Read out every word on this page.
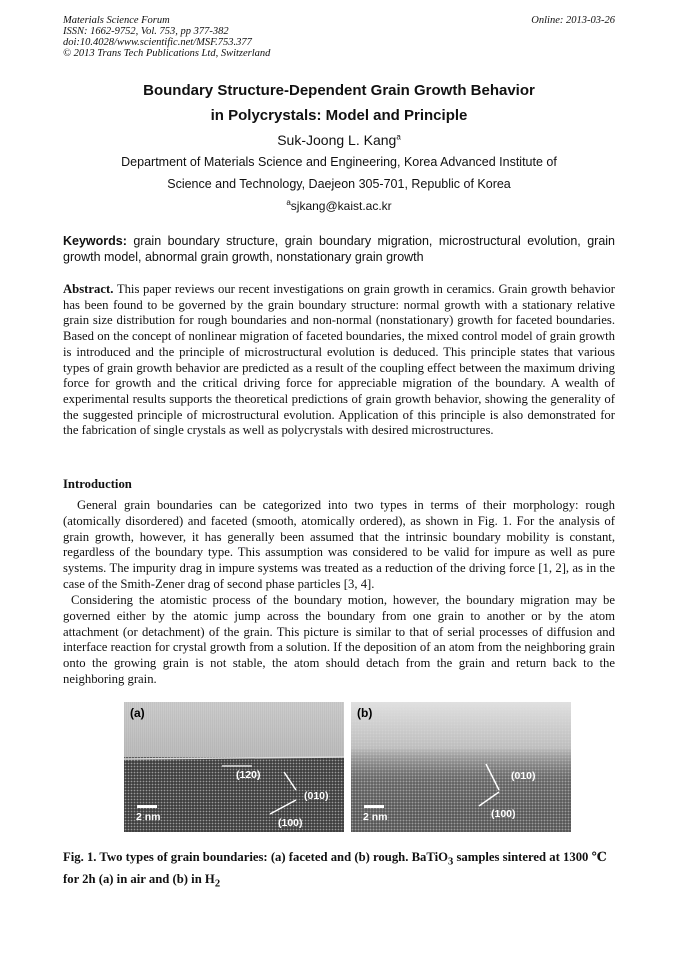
Materials Science Forum
ISSN: 1662-9752, Vol. 753, pp 377-382
doi:10.4028/www.scientific.net/MSF.753.377
© 2013 Trans Tech Publications Ltd, Switzerland
Online: 2013-03-26
Boundary Structure-Dependent Grain Growth Behavior
in Polycrystals: Model and Principle
Suk-Joong L. Kang$^a$
Department of Materials Science and Engineering, Korea Advanced Institute of
Science and Technology, Daejeon 305-701, Republic of Korea
$^a$sjkang@kaist.ac.kr
Keywords: grain boundary structure, grain boundary migration, microstructural evolution, grain growth model, abnormal grain growth, nonstationary grain growth
Abstract. This paper reviews our recent investigations on grain growth in ceramics. Grain growth behavior has been found to be governed by the grain boundary structure: normal growth with a stationary relative grain size distribution for rough boundaries and non-normal (nonstationary) growth for faceted boundaries. Based on the concept of nonlinear migration of faceted boundaries, the mixed control model of grain growth is introduced and the principle of microstructural evolution is deduced. This principle states that various types of grain growth behavior are predicted as a result of the coupling effect between the maximum driving force for growth and the critical driving force for appreciable migration of the boundary. A wealth of experimental results supports the theoretical predictions of grain growth behavior, showing the generality of the suggested principle of microstructural evolution. Application of this principle is also demonstrated for the fabrication of single crystals as well as polycrystals with desired microstructures.
Introduction
General grain boundaries can be categorized into two types in terms of their morphology: rough (atomically disordered) and faceted (smooth, atomically ordered), as shown in Fig. 1. For the analysis of grain growth, however, it has generally been assumed that the intrinsic boundary mobility is constant, regardless of the boundary type. This assumption was considered to be valid for impure as well as pure systems. The impurity drag in impure systems was treated as a reduction of the driving force [1, 2], as in the case of the Smith-Zener drag of second phase particles [3, 4].
Considering the atomistic process of the boundary motion, however, the boundary migration may be governed either by the atomic jump across the boundary from one grain to another or by the atom attachment (or detachment) of the grain. This picture is similar to that of serial processes of diffusion and interface reaction for crystal growth from a solution. If the deposition of an atom from the neighboring grain onto the growing grain is not stable, the atom should detach from the grain and return back to the neighboring grain.
(a)
(120)
(010)
(100)
2 nm
(b)
(010)
(100)
2 nm
Fig. 1. Two types of grain boundaries: (a) faceted and (b) rough. BaTiO$_3$ samples sintered at 1300 ℃ for 2h (a) in air and (b) in $H_2$
